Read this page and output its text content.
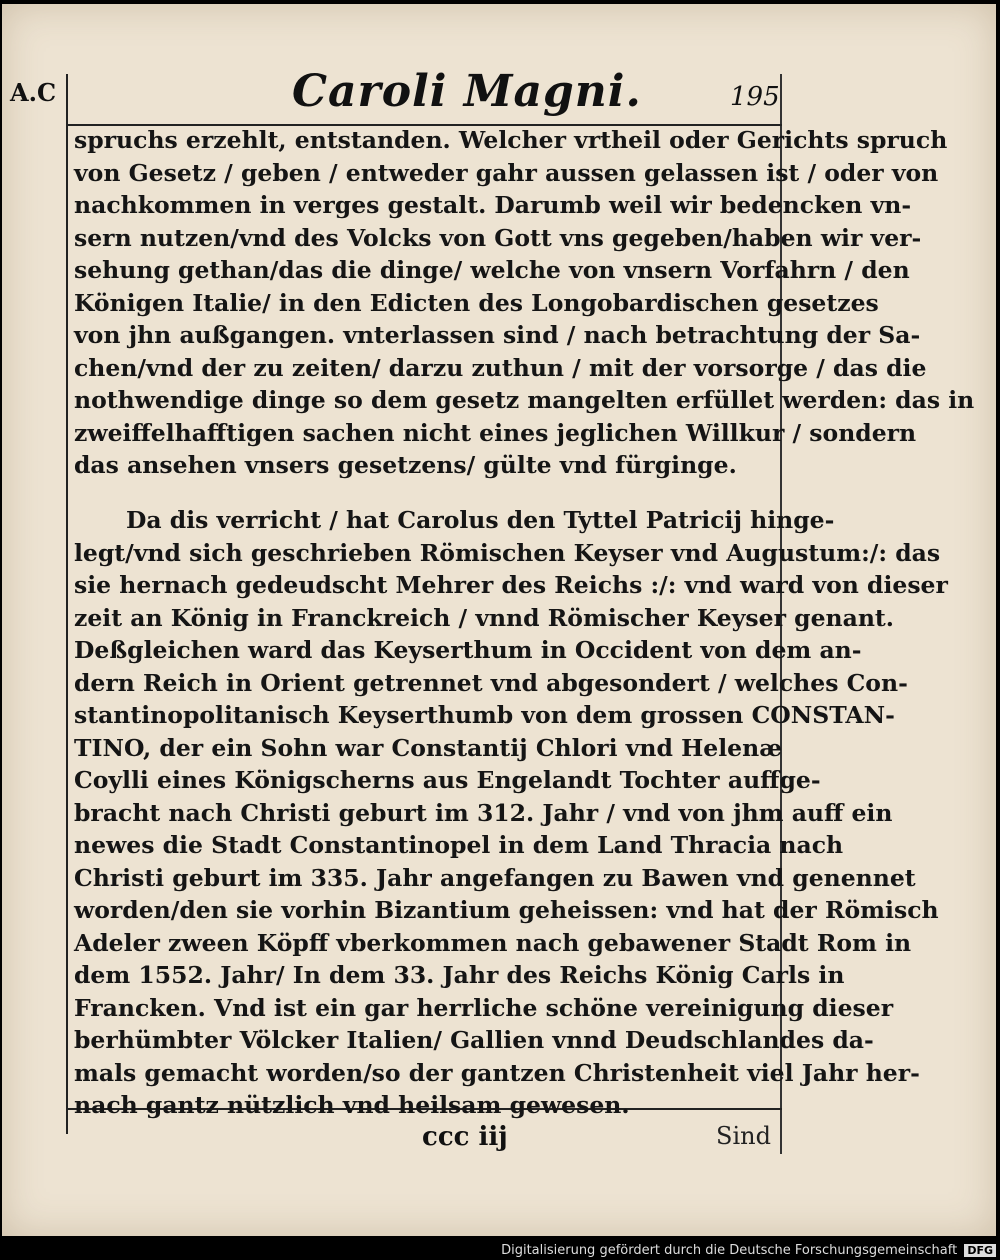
A.C	Caroli Magni.	195
spruchs erzehlt, entstanden. Welcher vrtheil oder Gerichts spruch
von Gesetz / geben / entweder gahr aussen gelassen ist / oder von
nachkommen in verges gestalt. Darumb weil wir bedencken vn-
sern nutzen/vnd des Volcks von Gott vns gegeben/haben wir ver-
sehung gethan/das die dinge/ welche von vnsern Vorfahrn / den
Königen Italie/ in den Edicten des Longobardischen gesetzes
von jhn außgangen. vnterlassen sind / nach betrachtung der Sa-
chen/vnd der zu zeiten/ darzu zuthun / mit der vorsorge / das die
nothwendige dinge so dem gesetz mangelten erfüllet werden: das in
zweiffelhafftigen sachen nicht eines jeglichen Willkur / sondern
das ansehen vnsers gesetzens/ gülte vnd fürginge.
Da dis verricht / hat Carolus den Tyttel Patricij hinge-
legt/vnd sich geschrieben Römischen Keyser vnd Augustum:/: das
sie hernach gedeudscht Mehrer des Reichs :/: vnd ward von dieser
zeit an König in Franckreich / vnnd Römischer Keyser genant.
Deßgleichen ward das Keyserthum in Occident von dem an-
dern Reich in Orient getrennet vnd abgesondert / welches Con-
stantinopolitanisch Keyserthumb von dem grossen CONSTAN-
TINO, der ein Sohn war Constantij Chlori vnd Helenæ
Coylli eines Königscherns aus Engelandt Tochter auffge-
bracht nach Christi geburt im 312. Jahr / vnd von jhm auff ein
newes die Stadt Constantinopel in dem Land Thracia nach
Christi geburt im 335. Jahr angefangen zu Bawen vnd genennet
worden/den sie vorhin Bizantium geheissen: vnd hat der Römisch
Adeler zween Köpff vberkommen nach gebawener Stadt Rom in
dem 1552. Jahr/ In dem 33. Jahr des Reichs König Carls in
Francken. Vnd ist ein gar herrliche schöne vereinigung dieser
berhümbter Völcker Italien/ Gallien vnnd Deudschlandes da-
mals gemacht worden/so der gantzen Christenheit viel Jahr her-
nach gantz nützlich vnd heilsam gewesen.
ccc iij	Sind
Digitalisierung gefördert durch die Deutsche Forschungsgemeinschaft DFG
